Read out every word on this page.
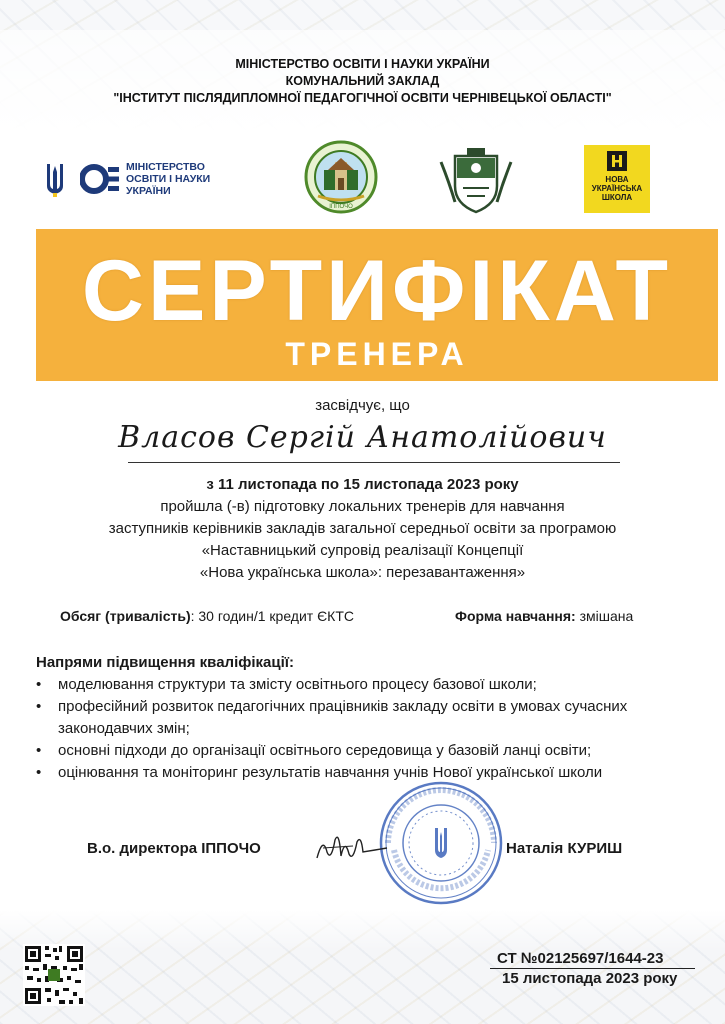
МІНІСТЕРСТВО ОСВІТИ І НАУКИ УКРАЇНИ
КОМУНАЛЬНИЙ ЗАКЛАД
"ІНСТИТУТ ПІСЛЯДИПЛОМНОЇ ПЕДАГОГІЧНОЇ ОСВІТИ ЧЕРНІВЕЦЬКОЇ ОБЛАСТІ"
МІНІСТЕРСТВО
ОСВІТИ І НАУКИ
УКРАЇНИ
ІППОЧО
НОВА
УКРАЇНСЬКА
ШКОЛА
СЕРТИФІКАТ
ТРЕНЕРА
засвідчує, що
Власов Сергій Анатолійович
з 11 листопада по 15 листопада 2023 року
пройшла (-в) підготовку локальних тренерів для навчання
заступників керівників закладів загальної середньої освіти за програмою
«Наставницький супровід реалізації Концепції
«Нова українська школа»: перезавантаження»
Обсяг (тривалість): 30 годин/1 кредит ЄКТС	Форма навчання: змішана
Напрями підвищення кваліфікації:
• моделювання структури та змісту освітнього процесу базової школи;
• професійний розвиток педагогічних працівників закладу освіти в умовах сучасних законодавчих змін;
• основні підходи до організації освітнього середовища у базовій ланці освіти;
• оцінювання та моніторинг результатів навчання учнів Нової української школи
В.о. директора ІППОЧО	Наталія КУРИШ
СТ №02125697/1644-23
15 листопада 2023 року
